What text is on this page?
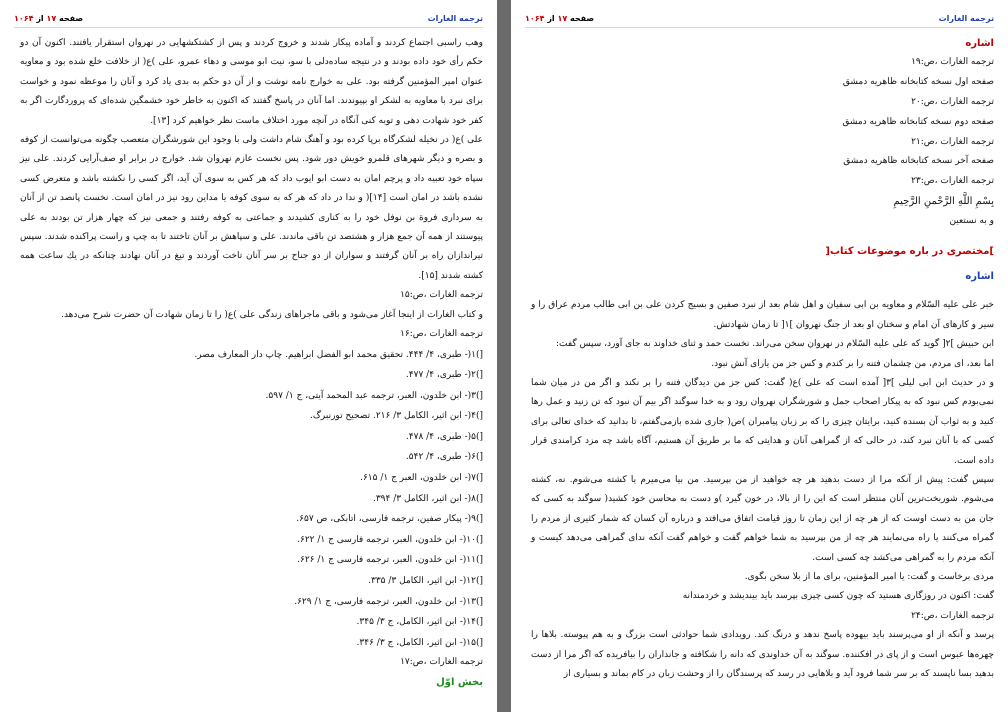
ترجمه الغارات
صفحه ۱۷ از ۱۰۶۴

وهب راسبى اجتماع كردند و آماده پيكار شدند و خروج كردند و پس از كشتكشهايى در نهروان استقرار يافتند. اكنون آن دو حكم رأى خود داده بودند و در نتيجه ساده‌دلى با سو، نيت ابو موسى و دهاء عمرو، على )ع( از خلافت خلع شده بود و معاويه عنوان امير المؤمنين گرفته بود. على به خوارج نامه نوشت و از آن دو حكم به بدى ياد كرد و آنان را موعظه نمود و خواست براى نبرد با معاويه به لشكر او بپيوندند. اما آنان در پاسخ گفتند كه اكنون به خاطر خود خشمگين شده‌اى كه پروردگارت اگر به كفر خود شهادت دهى و توبه كنى آنگاه در آنچه مورد اختلاف ماست نظر خواهيم كرد [۱۳].

على )ع( در نخيله لشكرگاه برپا كرده بود و آهنگ شام داشت ولى با وجود اين شورشگران متعصب چگونه مى‌توانست از كوفه و بصره و ديگر شهرهاى قلمرو خويش دور شود. پس نخست عازم نهروان شد. خوارج در برابر او صف‌آرايى كردند. على نيز سپاه خود تعبيه داد و پرچم امان به دست ابو ايوب داد كه هر كس به سوى آن آيد، اگر كسى را نكشته باشد و متعرض كسى نشده باشد در امان است [۱۴]( و ندا در داد كه هر كه به سوى كوفه يا مداين رود نيز در امان است. نخست پانصد تن از آنان به سردارى فروة بن نوفل خود را به كنارى كشيدند و جماعتى به كوفه رفتند و جمعى نيز كه چهار هزار تن بودند به على پيوستند از همه آن جمع هزار و هشتصد تن باقى ماندند. على و سپاهش بر آنان تاختند تا به چپ و راست پراكنده شدند. سپس تيراندازان راه بر آنان گرفتند و سواران از دو جناح بر سر آنان تاخت آوردند و تيغ در آنان نهادند چنانكه در يك ساعت همه كشته شدند [۱۵].

ترجمه الغارات ،ص:۱۵

و كتاب الغارات از اينجا آغاز مى‌شود و باقى ماجراهاى زندگى على )ع( را تا زمان شهادت آن حضرت شرح مى‌دهد.

ترجمه الغارات ،ص:۱۶

[)۱(- طبرى، ۴/ ۴۴۴. تحقيق محمد ابو الفضل ابراهيم. چاپ دار المعارف مصر.

[)۲(- طبرى، ۴/ ۴۷۷.

[)۳(- ابن خلدون، العبر، ترجمه عبد المحمد آيتى، ج ۱/ ۵۹۷.

[)۴(- ابن اثير، الكامل ۳/ ۲۱۶. تصحيح تورنبرگ.

[)۵(- طبرى، ۴/ ۴۷۸.

[)۶(- طبرى، ۴/ ۵۴۲.

[)۷(- ابن خلدون، العبر ج ۱/ ۶۱۵.

[)۸(- ابن اثير، الكامل ۳/ ۳۹۴.

[)۹(- پيكار صفين، ترجمه فارسى، اتابكى، ص ۶۵۷.

[)۱۰(- ابن خلدون، العبر، ترجمه فارسى ج ۱/ ۶۲۲.

[)۱۱(- ابن خلدون، العبر، ترجمه فارسى ج ۱/ ۶۲۶.

[)۱۲(- ابن اثير، الكامل ۳/ ۳۳۵.

[)۱۳(- ابن خلدون، العبر، ترجمه فارسى، ج ۱/ ۶۲۹.

[)۱۴(- ابن اثير، الكامل، ج ۳/ ۳۴۵.

[)۱۵(- ابن اثير، الكامل، ج ۳/ ۳۴۶.

ترجمه الغارات ،ص:۱۷

بخش اوّل

ترجمه الغارات
صفحه ۱۷ از ۱۰۶۴

اشاره

ترجمه الغارات ،ص:۱۹

صفحه اول نسخه كتابخانه ظاهريه دمشق

ترجمه الغارات ،ص:۲۰

صفحه دوم نسخه كتابخانه ظاهريه دمشق

ترجمه الغارات ،ص:۲۱

صفحه آخر نسخه كتابخانه ظاهريه دمشق

ترجمه الغارات ،ص:۲۳

بِسْمِ اللَّهِ الرَّحْمنِ الرَّحِيمِ

و به نستعين

]مختصرى در باره موضوعات كتاب[

اشاره

خبر على عليه السّلام و معاويه بن ابى سفيان و اهل شام بعد از نبرد صفين و بسيج كردن على بن ابى طالب مردم عراق را و سير و كارهاى آن امام و سخنان او بعد از جنگ نهروان ]۱[ تا زمان شهادتش.

ابن حبيش ]۲[ گويد كه على عليه السّلام در نهروان سخن مى‌راند. نخست حمد و ثناى خداوند به جاى آورد، سپس گفت:

اما بعد، اى مردم، من چشمان فتنه را بر كندم و كس جز من ياراى آنش نبود.

و در حديث ابن ابى ليلى ]۳[ آمده است كه على )ع( گفت: كس جز من ديدگان فتنه را بر نكند و اگر من در ميان شما نمى‌بودم كس نبود كه به پيكار اصحاب جمل و شورشگران نهروان رود و به خدا سوگند اگر بيم آن نبود كه تن زنيد و عمل رها كنيد و به ثواب آن بسنده كنيد، برايتان چيزى را كه بر زبان پيامبران )ص( جارى شده بازمى‌گفتم، تا بدانيد كه خداى تعالى براى كسى كه با آنان نبرد كند، در حالى كه از گمراهى آنان و هدايتى كه ما بر طريق آن هستيم، آگاه باشد چه مزد كرامندى قرار داده است.

سپس گفت: پيش از آنكه مرا از دست بدهيد هر چه خواهيد از من بپرسيد. من بيا مى‌ميرم يا كشته مى‌شوم. نه، كشته مى‌شوم. شوربخت‌ترين آنان منتظر است كه اين را از بالا، در خون گيرد )و دست به محاسن خود كشيد( سوگند به كسى كه جان من به دست اوست كه از هر چه از اين زمان تا روز قيامت اتفاق مى‌افتد و درباره آن كسان كه شمار كثيرى از مردم را گمراه مى‌كنند يا راه مى‌نمايند هر چه از من بپرسيد به شما خواهم گفت و خواهم گفت آنكه نداى گمراهى مى‌دهد كيست و آنكه مردم را به گمراهى مى‌كشد چه كسى است.

مردى برخاست و گفت: يا امير المؤمنين، براى ما از بلا سخن بگوى.

گفت: اكنون در روزگارى هستيد كه چون كسى چيزى بپرسد بايد بينديشد و خردمندانه

ترجمه الغارات ،ص:۲۴

پرسد و آنكه از او مى‌پرسند بايد بيهوده پاسخ ندهد و درنگ كند. رويدادى شما حوادثى است بزرگ و به هم پيوسته. بلاها را چهره‌ها عبوس است و از پاى در افكننده. سوگند به آن خداوندى كه دانه را شكافته و جانداران را بيافريده كه اگر مرا از دست بدهيد بسا ناپسند كه بر سر شما فرود آيد و بلاهايى در رسد كه پرسندگان را از وحشت زبان در كام بماند و بسيارى از
